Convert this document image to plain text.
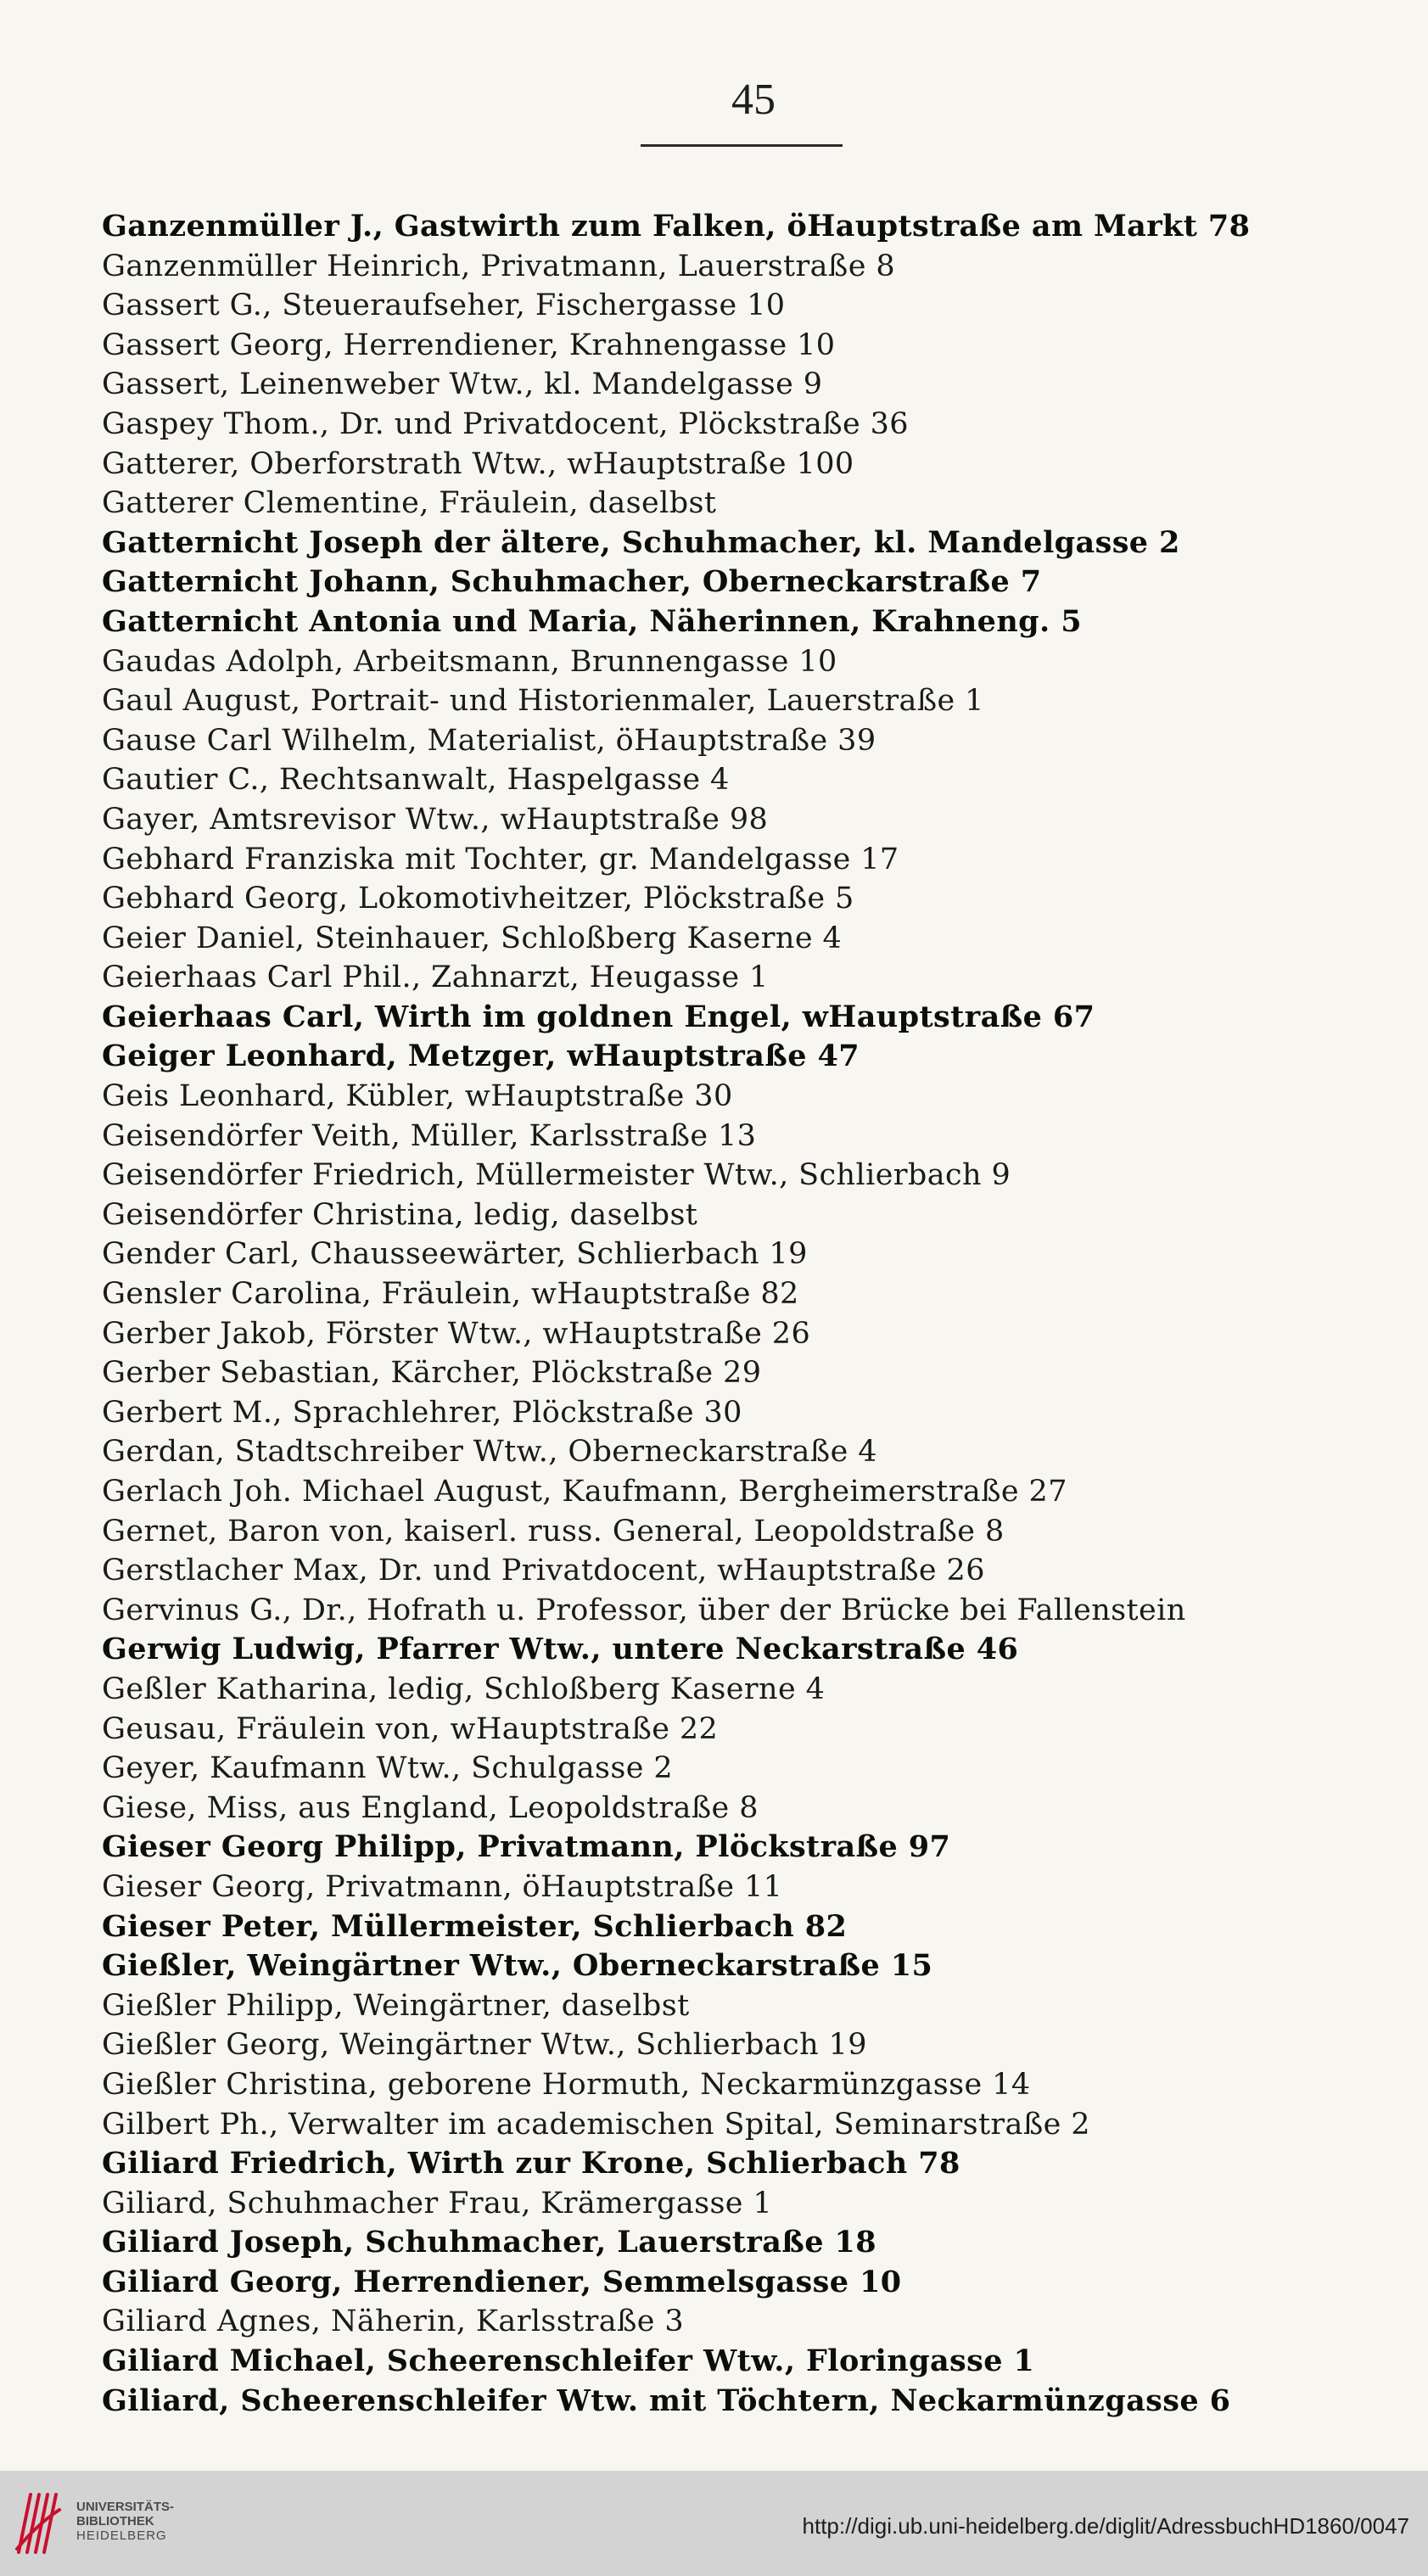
45
Ganzenmüller J., Gastwirth zum Falken, öHauptstraße am Markt 78
Ganzenmüller Heinrich, Privatmann, Lauerstraße 8
Gassert G., Steueraufseher, Fischergasse 10
Gassert Georg, Herrendiener, Krahnengasse 10
Gassert, Leinenweber Wtw., kl. Mandelgasse 9
Gaspey Thom., Dr. und Privatdocent, Plöckstraße 36
Gatterer, Oberforstrath Wtw., wHauptstraße 100
Gatterer Clementine, Fräulein, daselbst
Gatternicht Joseph der ältere, Schuhmacher, kl. Mandelgasse 2
Gatternicht Johann, Schuhmacher, Oberneckarstraße 7
Gatternicht Antonia und Maria, Näherinnen, Krahneng. 5
Gaudas Adolph, Arbeitsmann, Brunnengasse 10
Gaul August, Portrait- und Historienmaler, Lauerstraße 1
Gause Carl Wilhelm, Materialist, öHauptstraße 39
Gautier C., Rechtsanwalt, Haspelgasse 4
Gayer, Amtsrevisor Wtw., wHauptstraße 98
Gebhard Franziska mit Tochter, gr. Mandelgasse 17
Gebhard Georg, Lokomotivheitzer, Plöckstraße 5
Geier Daniel, Steinhauer, Schloßberg Kaserne 4
Geierhaas Carl Phil., Zahnarzt, Heugasse 1
Geierhaas Carl, Wirth im goldnen Engel, wHauptstraße 67
Geiger Leonhard, Metzger, wHauptstraße 47
Geis Leonhard, Kübler, wHauptstraße 30
Geisendörfer Veith, Müller, Karlsstraße 13
Geisendörfer Friedrich, Müllermeister Wtw., Schlierbach 9
Geisendörfer Christina, ledig, daselbst
Gender Carl, Chausseewärter, Schlierbach 19
Gensler Carolina, Fräulein, wHauptstraße 82
Gerber Jakob, Förster Wtw., wHauptstraße 26
Gerber Sebastian, Kärcher, Plöckstraße 29
Gerbert M., Sprachlehrer, Plöckstraße 30
Gerdan, Stadtschreiber Wtw., Oberneckarstraße 4
Gerlach Joh. Michael August, Kaufmann, Bergheimerstraße 27
Gernet, Baron von, kaiserl. russ. General, Leopoldstraße 8
Gerstlacher Max, Dr. und Privatdocent, wHauptstraße 26
Gervinus G., Dr., Hofrath u. Professor, über der Brücke bei Fallenstein
Gerwig Ludwig, Pfarrer Wtw., untere Neckarstraße 46
Geßler Katharina, ledig, Schloßberg Kaserne 4
Geusau, Fräulein von, wHauptstraße 22
Geyer, Kaufmann Wtw., Schulgasse 2
Giese, Miss, aus England, Leopoldstraße 8
Gieser Georg Philipp, Privatmann, Plöckstraße 97
Gieser Georg, Privatmann, öHauptstraße 11
Gieser Peter, Müllermeister, Schlierbach 82
Gießler, Weingärtner Wtw., Oberneckarstraße 15
Gießler Philipp, Weingärtner, daselbst
Gießler Georg, Weingärtner Wtw., Schlierbach 19
Gießler Christina, geborene Hormuth, Neckarmünzgasse 14
Gilbert Ph., Verwalter im academischen Spital, Seminarstraße 2
Giliard Friedrich, Wirth zur Krone, Schlierbach 78
Giliard, Schuhmacher Frau, Krämergasse 1
Giliard Joseph, Schuhmacher, Lauerstraße 18
Giliard Georg, Herrendiener, Semmelsgasse 10
Giliard Agnes, Näherin, Karlsstraße 3
Giliard Michael, Scheerenschleifer Wtw., Floringasse 1
Giliard, Scheerenschleifer Wtw. mit Töchtern, Neckarmünzgasse 6
UNIVERSITÄTS-
BIBLIOTHEK
HEIDELBERG	http://digi.ub.uni-heidelberg.de/diglit/AdressbuchHD1860/0047
